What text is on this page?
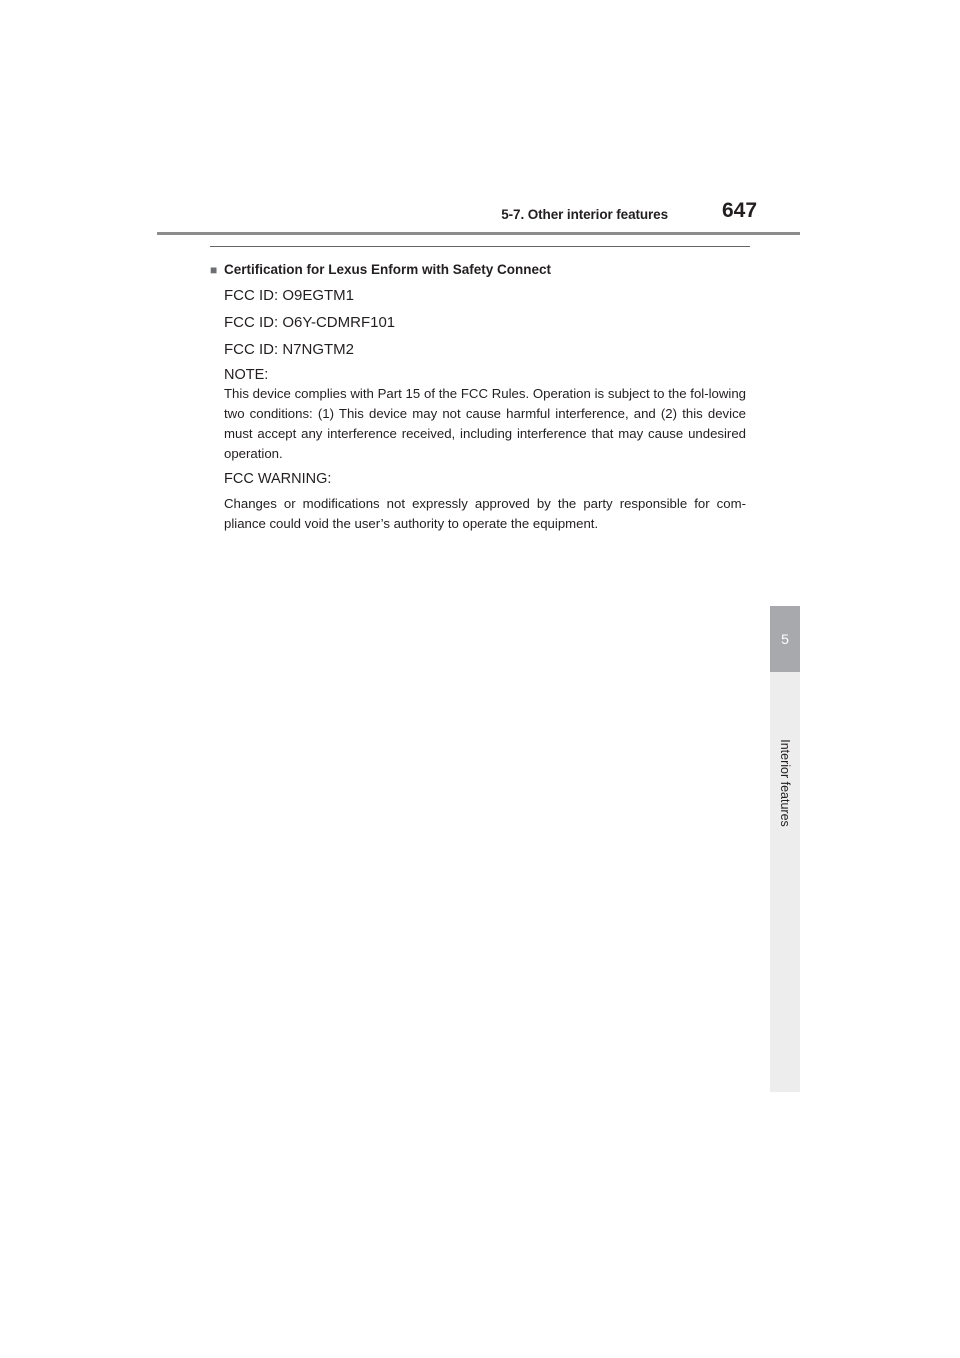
5-7. Other interior features	647
5
Interior features

■ Certification for Lexus Enform with Safety Connect

FCC ID: O9EGTM1

FCC ID: O6Y-CDMRF101

FCC ID: N7NGTM2

NOTE:

This device complies with Part 15 of the FCC Rules. Operation is subject to the fol-lowing two conditions: (1) This device may not cause harmful interference, and (2) this device must accept any interference received, including interference that may cause undesired operation.

FCC WARNING:

Changes or modifications not expressly approved by the party responsible for com-pliance could void the user’s authority to operate the equipment.
